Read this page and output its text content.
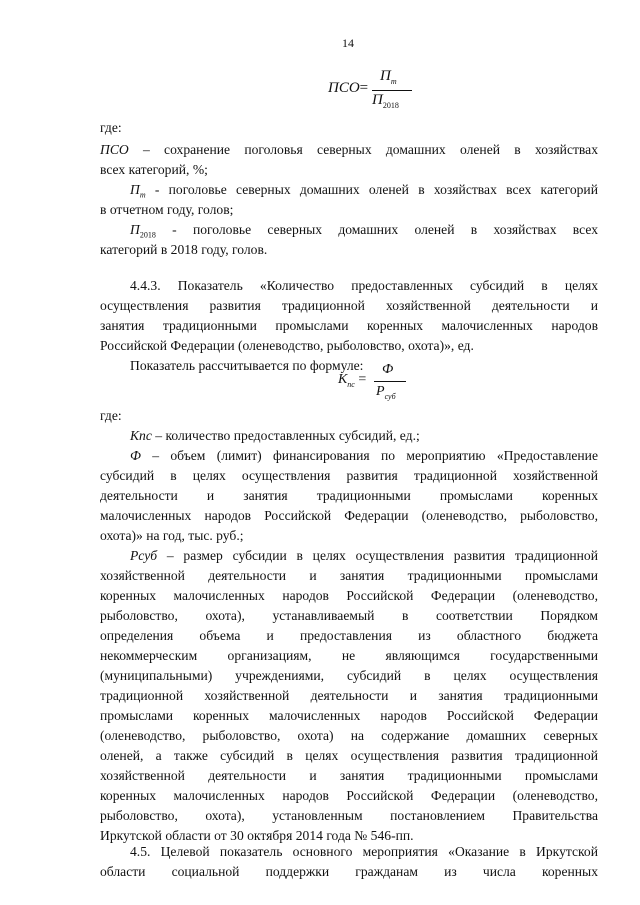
14
ПСО=
$П_т$
$П_{2018}$
где:
ПСО – сохранение поголовья северных домашних оленей в хозяйствах
всех категорий, %;
$П_т$ - поголовье северных домашних оленей в хозяйствах всех категорий
в отчетном году, голов;
$П_{2018}$ - поголовье северных домашних оленей в хозяйствах всех
категорий в 2018 году, голов.
4.4.3. Показатель «Количество предоставленных субсидий в целях
осуществления развития традиционной хозяйственной деятельности и
занятия традиционными промыслами коренных малочисленных народов
Российской Федерации (оленеводство, рыболовство, охота)», ед.
Показатель рассчитывается по формуле:
$К_{пс}$ =
Ф
$Р_{суб}$
где:
Кпс – количество предоставленных субсидий, ед.;
Ф – объем (лимит) финансирования по мероприятию «Предоставление
субсидий в целях осуществления развития традиционной хозяйственной
деятельности и занятия традиционными промыслами коренных
малочисленных народов Российской Федерации (оленеводство, рыболовство,
охота)» на год, тыс. руб.;
Рсуб – размер субсидии в целях осуществления развития традиционной
хозяйственной деятельности и занятия традиционными промыслами
коренных малочисленных народов Российской Федерации (оленеводство,
рыболовство, охота), устанавливаемый в соответствии Порядком
определения объема и предоставления из областного бюджета
некоммерческим организациям, не являющимся государственными
(муниципальными) учреждениями, субсидий в целях осуществления
традиционной хозяйственной деятельности и занятия традиционными
промыслами коренных малочисленных народов Российской Федерации
(оленеводство, рыболовство, охота) на содержание домашних северных
оленей, а также субсидий в целях осуществления развития традиционной
хозяйственной деятельности и занятия традиционными промыслами
коренных малочисленных народов Российской Федерации (оленеводство,
рыболовство, охота), установленным постановлением Правительства
Иркутской области от 30 октября 2014 года № 546-пп.
4.5. Целевой показатель основного мероприятия «Оказание в Иркутской
области социальной поддержки гражданам из числа коренных
